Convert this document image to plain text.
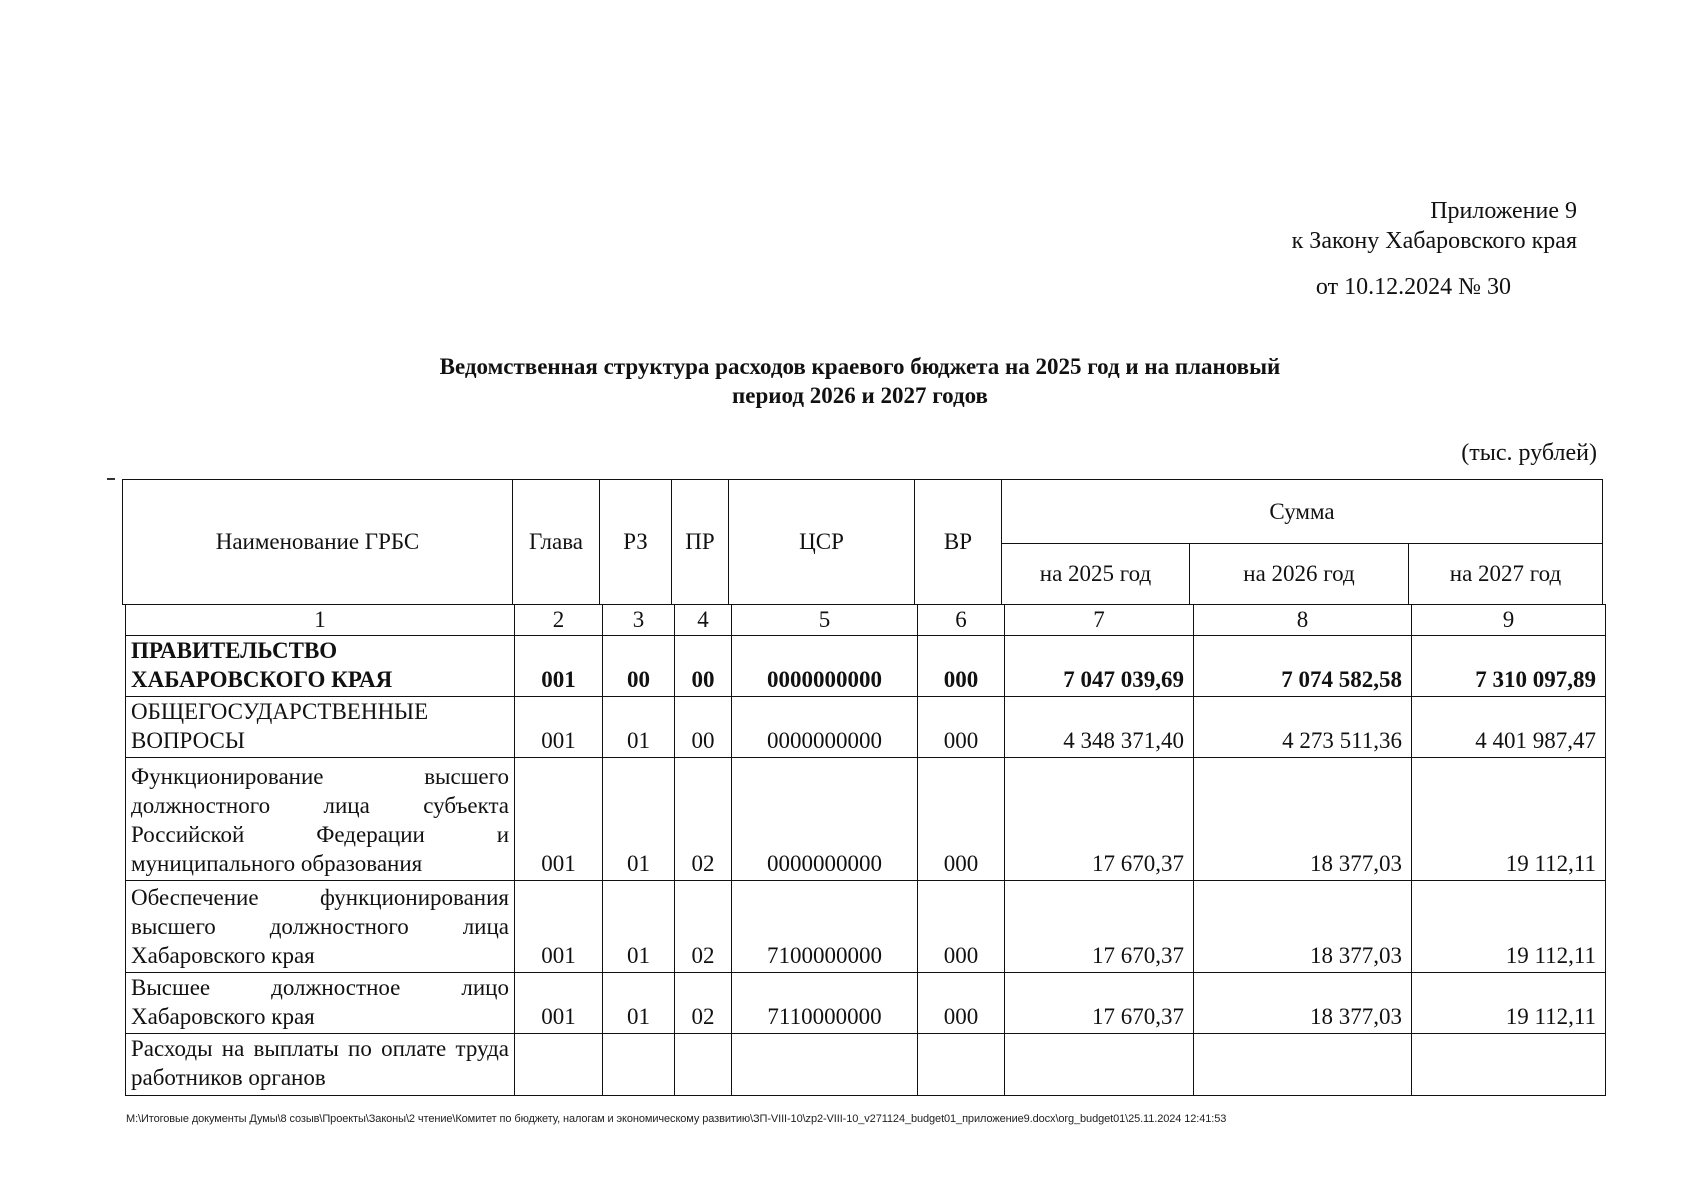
Приложение 9
к Закону Хабаровского края
от 10.12.2024 № 30
Ведомственная структура расходов краевого бюджета на 2025 год и на плановый
период 2026 и 2027 годов
(тыс. рублей)
Наименование ГРБС	Глава	РЗ	ПР	ЦСР	ВР	Сумма		
						на 2025 год	на 2026 год	на 2027 год
1	2	3	4	5	6	7	8	9
ПРАВИТЕЛЬСТВО ХАБАРОВСКОГО КРАЯ	001	00	00	0000000000	000	7 047 039,69	7 074 582,58	7 310 097,89
ОБЩЕГОСУДАРСТВЕННЫЕ ВОПРОСЫ	001	01	00	0000000000	000	4 348 371,40	4 273 511,36	4 401 987,47
Функционирование высшего должностного лица субъекта Российской Федерации и муниципального образования	001	01	02	0000000000	000	17 670,37	18 377,03	19 112,11
Обеспечение функционирования высшего должностного лица Хабаровского края	001	01	02	7100000000	000	17 670,37	18 377,03	19 112,11
Высшее должностное лицо Хабаровского края	001	01	02	7110000000	000	17 670,37	18 377,03	19 112,11
Расходы на выплаты по оплате труда работников органов								
M:\Итоговые документы Думы\8 созыв\Проекты\Законы\2 чтение\Комитет по бюджету, налогам и экономическому развитию\ЗП-VIII-10\zp2-VIII-10_v271124_budget01_приложение9.docx\org_budget01\25.11.2024 12:41:53
